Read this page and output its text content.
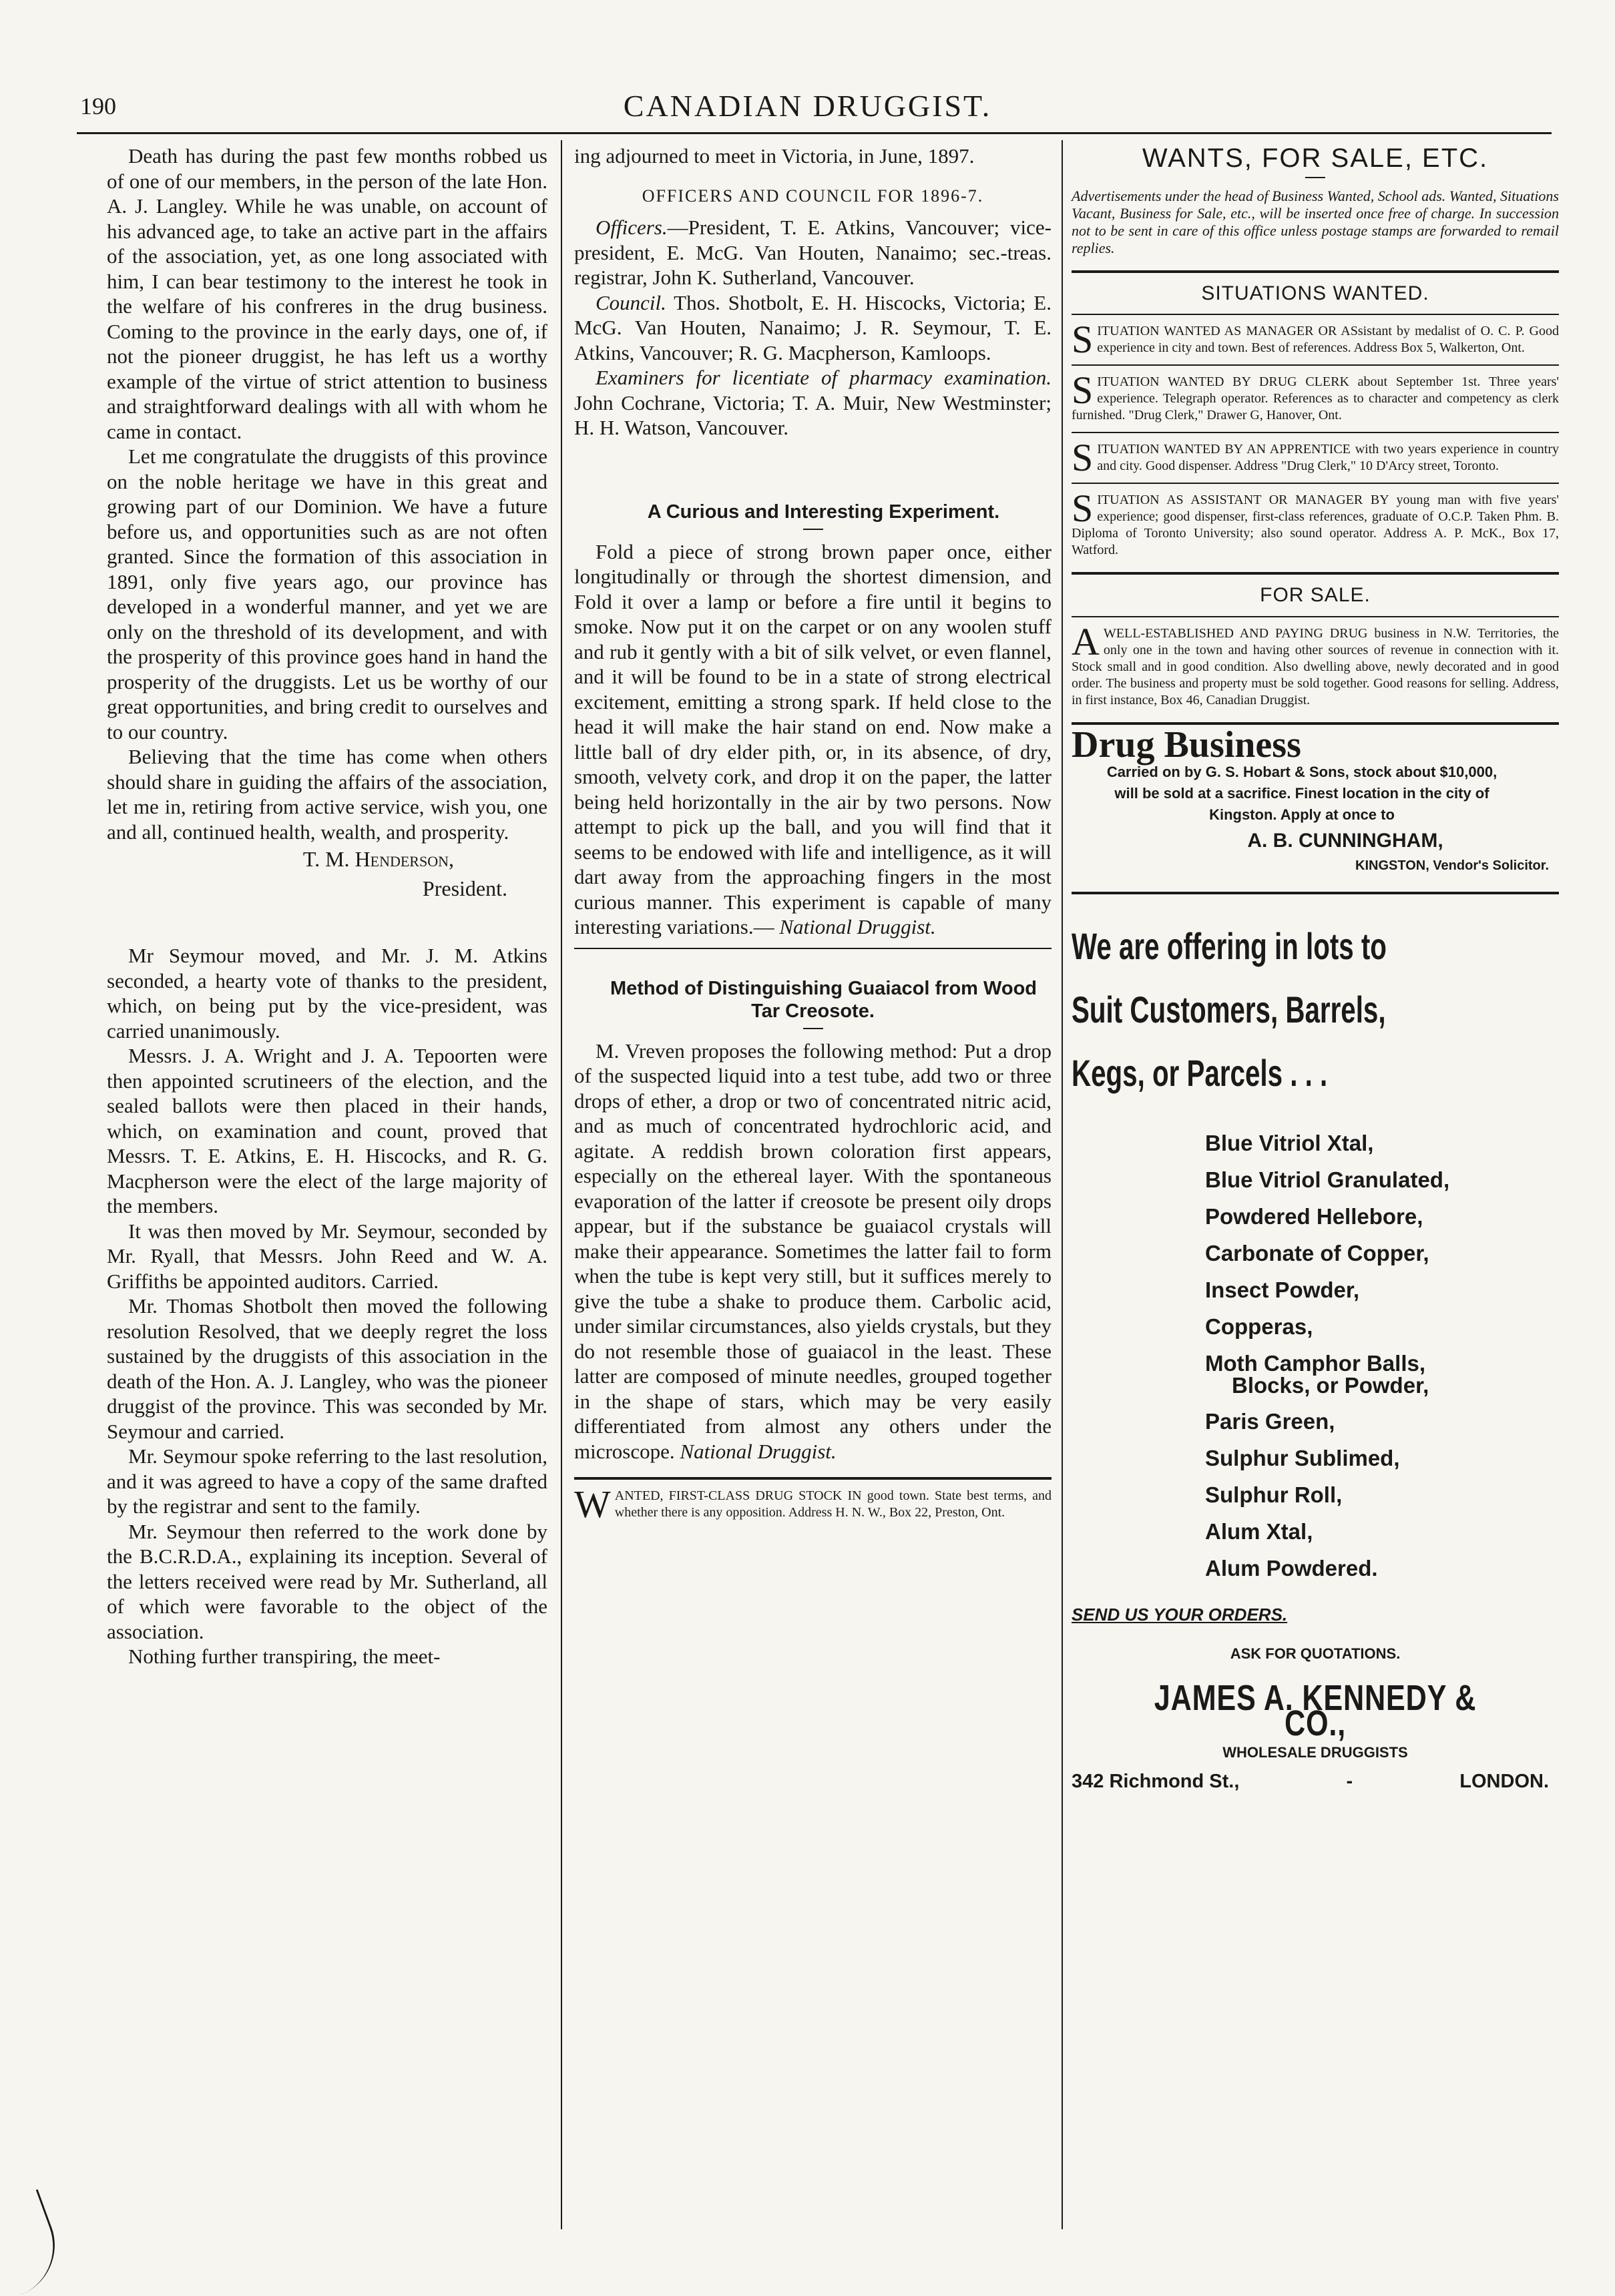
190	CANADIAN DRUGGIST.

Death has during the past few months robbed us of one of our members, in the person of the late Hon. A. J. Langley. While he was unable, on account of his advanced age, to take an active part in the affairs of the association, yet, as one long associated with him, I can bear testimony to the interest he took in the welfare of his confreres in the drug business. Coming to the province in the early days, one of, if not the pioneer druggist, he has left us a worthy example of the virtue of strict attention to business and straightforward dealings with all with whom he came in contact.

Let me congratulate the druggists of this province on the noble heritage we have in this great and growing part of our Dominion. We have a future before us, and opportunities such as are not often granted. Since the formation of this association in 1891, only five years ago, our province has developed in a wonderful manner, and yet we are only on the threshold of its development, and with the prosperity of this province goes hand in hand the prosperity of the druggists. Let us be worthy of our great opportunities, and bring credit to ourselves and to our country.

Believing that the time has come when others should share in guiding the affairs of the association, let me in, retiring from active service, wish you, one and all, continued health, wealth, and prosperity.

T. M. Henderson,
President.

Mr Seymour moved, and Mr. J. M. Atkins seconded, a hearty vote of thanks to the president, which, on being put by the vice-president, was carried unanimously.

Messrs. J. A. Wright and J. A. Tepoorten were then appointed scrutineers of the election, and the sealed ballots were then placed in their hands, which, on examination and count, proved that Messrs. T. E. Atkins, E. H. Hiscocks, and R. G. Macpherson were the elect of the large majority of the members.

It was then moved by Mr. Seymour, seconded by Mr. Ryall, that Messrs. John Reed and W. A. Griffiths be appointed auditors. Carried.

Mr. Thomas Shotbolt then moved the following resolution Resolved, that we deeply regret the loss sustained by the druggists of this association in the death of the Hon. A. J. Langley, who was the pioneer druggist of the province. This was seconded by Mr. Seymour and carried.

Mr. Seymour spoke referring to the last resolution, and it was agreed to have a copy of the same drafted by the registrar and sent to the family.

Mr. Seymour then referred to the work done by the B.C.R.D.A., explaining its inception. Several of the letters received were read by Mr. Sutherland, all of which were favorable to the object of the association.

Nothing further transpiring, the meet-

ing adjourned to meet in Victoria, in June, 1897.

OFFICERS AND COUNCIL FOR 1896-7.

Officers.—President, T. E. Atkins, Vancouver; vice-president, E. McG. Van Houten, Nanaimo; sec.-treas. registrar, John K. Sutherland, Vancouver.

Council. Thos. Shotbolt, E. H. Hiscocks, Victoria; E. McG. Van Houten, Nanaimo; J. R. Seymour, T. E. Atkins, Vancouver; R. G. Macpherson, Kamloops.

Examiners for licentiate of pharmacy examination. John Cochrane, Victoria; T. A. Muir, New Westminster; H. H. Watson, Vancouver.

A Curious and Interesting Experiment.

Fold a piece of strong brown paper once, either longitudinally or through the shortest dimension, and Fold it over a lamp or before a fire until it begins to smoke. Now put it on the carpet or on any woolen stuff and rub it gently with a bit of silk velvet, or even flannel, and it will be found to be in a state of strong electrical excitement, emitting a strong spark. If held close to the head it will make the hair stand on end. Now make a little ball of dry elder pith, or, in its absence, of dry, smooth, velvety cork, and drop it on the paper, the latter being held horizontally in the air by two persons. Now attempt to pick up the ball, and you will find that it seems to be endowed with life and intelligence, as it will dart away from the approaching fingers in the most curious manner. This experiment is capable of many interesting variations.— National Druggist.

Method of Distinguishing Guaiacol from Wood Tar Creosote.

M. Vreven proposes the following method: Put a drop of the suspected liquid into a test tube, add two or three drops of ether, a drop or two of concentrated nitric acid, and as much of concentrated hydrochloric acid, and agitate. A reddish brown coloration first appears, especially on the ethereal layer. With the spontaneous evaporation of the latter if creosote be present oily drops appear, but if the substance be guaiacol crystals will make their appearance. Sometimes the latter fail to form when the tube is kept very still, but it suffices merely to give the tube a shake to produce them. Carbolic acid, under similar circumstances, also yields crystals, but they do not resemble those of guaiacol in the least. These latter are composed of minute needles, grouped together in the shape of stars, which may be very easily differentiated from almost any others under the microscope. National Druggist.

WANTED, FIRST-CLASS DRUG STOCK IN good town. State best terms, and whether there is any opposition. Address H. N. W., Box 22, Preston, Ont.
WANTS, FOR SALE, ETC.
Advertisements under the head of Business Wanted, School ads. Wanted, Situations Vacant, Business for Sale, etc., will be inserted once free of charge. In succession not to be sent in care of this office unless postage stamps are forwarded to remail replies.
SITUATIONS WANTED.
SITUATION WANTED AS MANAGER OR ASsistant by medalist of O. C. P. Good experience in city and town. Best of references. Address Box 5, Walkerton, Ont.
SITUATION WANTED BY DRUG CLERK about September 1st. Three years' experience. Telegraph operator. References as to character and competency as clerk furnished. "Drug Clerk," Drawer G, Hanover, Ont.
SITUATION WANTED BY AN APPRENTICE with two years experience in country and city. Good dispenser. Address "Drug Clerk," 10 D'Arcy street, Toronto.
SITUATION AS ASSISTANT OR MANAGER BY young man with five years' experience; good dispenser, first-class references, graduate of O.C.P. Taken Phm. B. Diploma of Toronto University; also sound operator. Address A. P. McK., Box 17, Watford.
FOR SALE.
AWELL-ESTABLISHED AND PAYING DRUG business in N.W. Territories, the only one in the town and having other sources of revenue in connection with it. Stock small and in good condition. Also dwelling above, newly decorated and in good order. The business and property must be sold together. Good reasons for selling. Address, in first instance, Box 46, Canadian Druggist.
Drug Business
Carried on by G. S. Hobart & Sons, stock about $10,000, will be sold at a sacrifice. Finest location in the city of Kingston. Apply at once to
A. B. CUNNINGHAM,
KINGSTON, Vendor's Solicitor.
We are offering in lots to
Suit Customers, Barrels,
Kegs, or Parcels . . .
Blue Vitriol Xtal,
Blue Vitriol Granulated,
Powdered Hellebore,
Carbonate of Copper,
Insect Powder,
Copperas,
Moth Camphor Balls,
Blocks, or Powder,
Paris Green,
Sulphur Sublimed,
Sulphur Roll,
Alum Xtal,
Alum Powdered.
SEND US YOUR ORDERS.
ASK FOR QUOTATIONS.
JAMES A. KENNEDY & CO.,
WHOLESALE DRUGGISTS
342 Richmond St.,	-	LONDON.
